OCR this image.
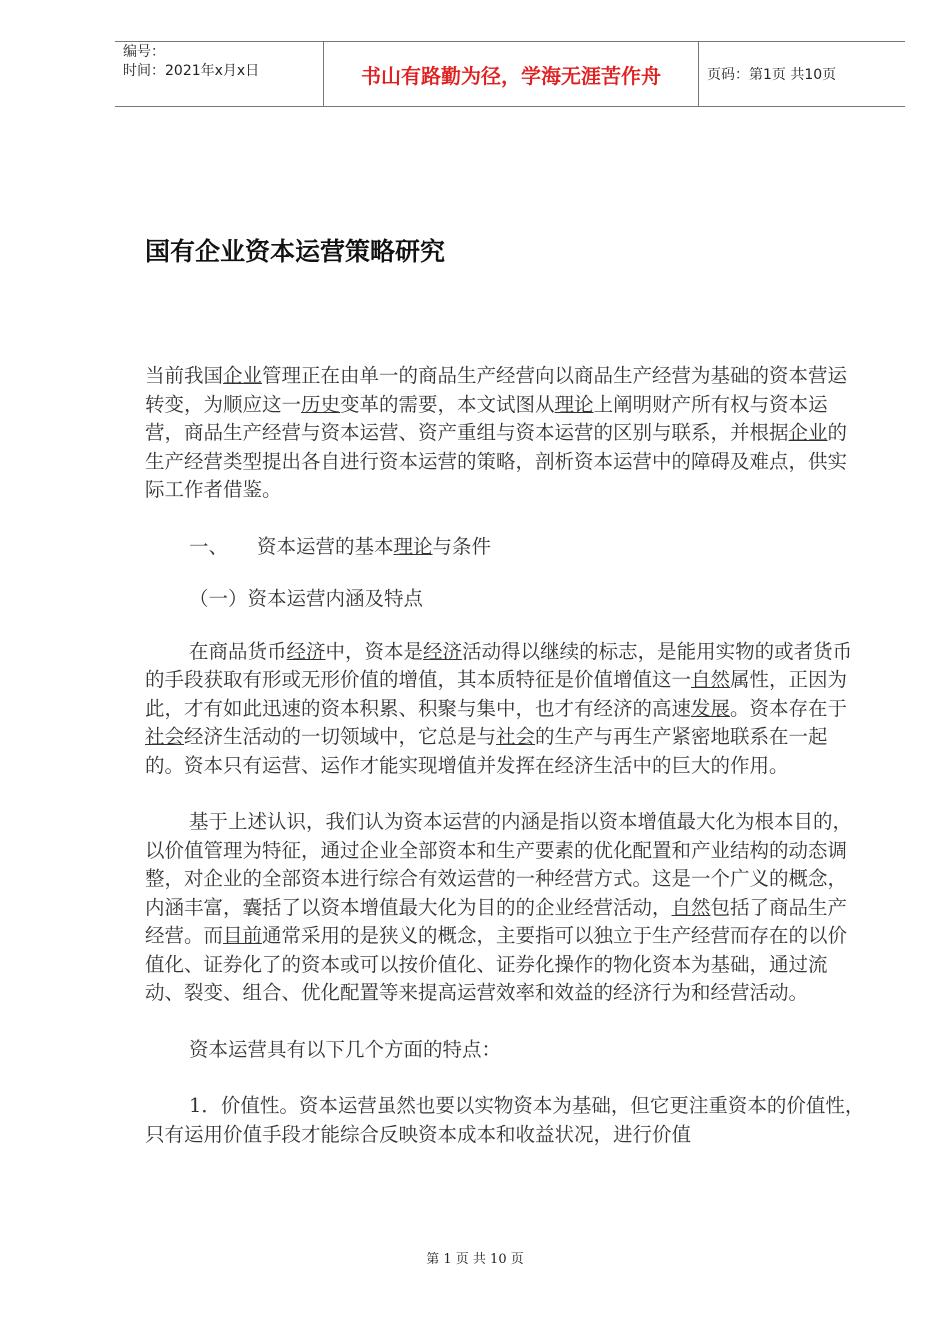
编号：
时间：2021年x月x日	书山有路勤为径，学海无涯苦作舟	页码：第1页 共10页
国有企业资本运营策略研究

当前我国企业管理正在由单一的商品生产经营向以商品生产经营为基础的资本营运转变，为顺应这一历史变革的需要，本文试图从理论上阐明财产所有权与资本运营，商品生产经营与资本运营、资产重组与资本运营的区别与联系，并根据企业的生产经营类型提出各自进行资本运营的策略，剖析资本运营中的障碍及难点，供实际工作者借鉴。

一、 资本运营的基本理论与条件

（一）资本运营内涵及特点

在商品货币经济中，资本是经济活动得以继续的标志，是能用实物的或者货币的手段获取有形或无形价值的增值，其本质特征是价值增值这一自然属性，正因为此，才有如此迅速的资本积累、积聚与集中，也才有经济的高速发展。资本存在于社会经济生活动的一切领域中，它总是与社会的生产与再生产紧密地联系在一起的。资本只有运营、运作才能实现增值并发挥在经济生活中的巨大的作用。

基于上述认识，我们认为资本运营的内涵是指以资本增值最大化为根本目的，以价值管理为特征，通过企业全部资本和生产要素的优化配置和产业结构的动态调整，对企业的全部资本进行综合有效运营的一种经营方式。这是一个广义的概念，内涵丰富，囊括了以资本增值最大化为目的的企业经营活动，自然包括了商品生产经营。而目前通常采用的是狭义的概念，主要指可以独立于生产经营而存在的以价值化、证券化了的资本或可以按价值化、证券化操作的物化资本为基础，通过流动、裂变、组合、优化配置等来提高运营效率和效益的经济行为和经营活动。

资本运营具有以下几个方面的特点：

1．价值性。资本运营虽然也要以实物资本为基础，但它更注重资本的价值性，只有运用价值手段才能综合反映资本成本和收益状况，进行价值

第 1 页 共 10 页
